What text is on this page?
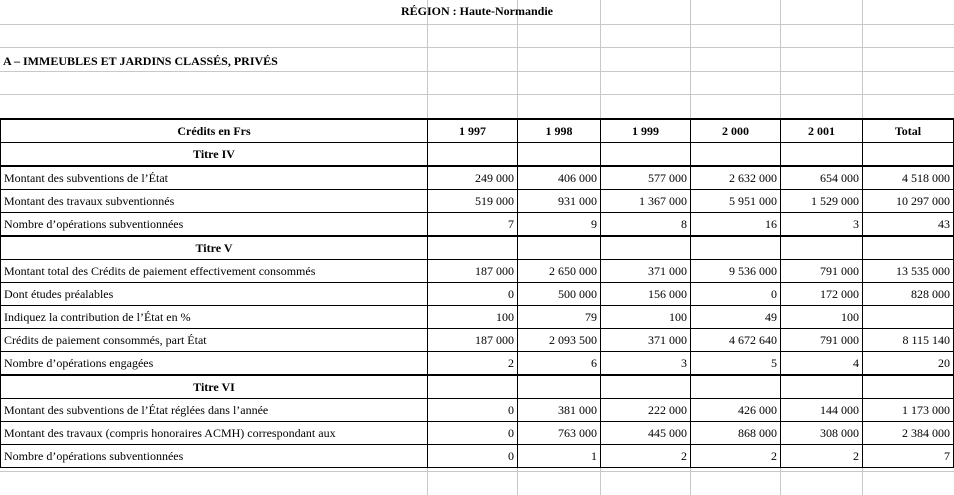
RÉGION : Haute-Normandie
A – IMMEUBLES ET JARDINS CLASSÉS, PRIVÉS
Crédits en Frs	1 997	1 998	1 999	2 000	2 001	Total
Titre IV						
Montant des subventions de l’État	249 000	406 000	577 000	2 632 000	654 000	4 518 000
Montant des travaux subventionnés	519 000	931 000	1 367 000	5 951 000	1 529 000	10 297 000
Nombre d’opérations subventionnées	7	9	8	16	3	43
Titre V						
Montant total des Crédits de paiement effectivement consommés	187 000	2 650 000	371 000	9 536 000	791 000	13 535 000
Dont études préalables	0	500 000	156 000	0	172 000	828 000
Indiquez la contribution de l’État en %	100	79	100	49	100	
Crédits de paiement consommés, part État	187 000	2 093 500	371 000	4 672 640	791 000	8 115 140
Nombre d’opérations engagées	2	6	3	5	4	20
Titre VI						
Montant des subventions de l’État réglées dans l’année	0	381 000	222 000	426 000	144 000	1 173 000
Montant des travaux (compris honoraires ACMH) correspondant aux	0	763 000	445 000	868 000	308 000	2 384 000
Nombre d’opérations subventionnées	0	1	2	2	2	7
